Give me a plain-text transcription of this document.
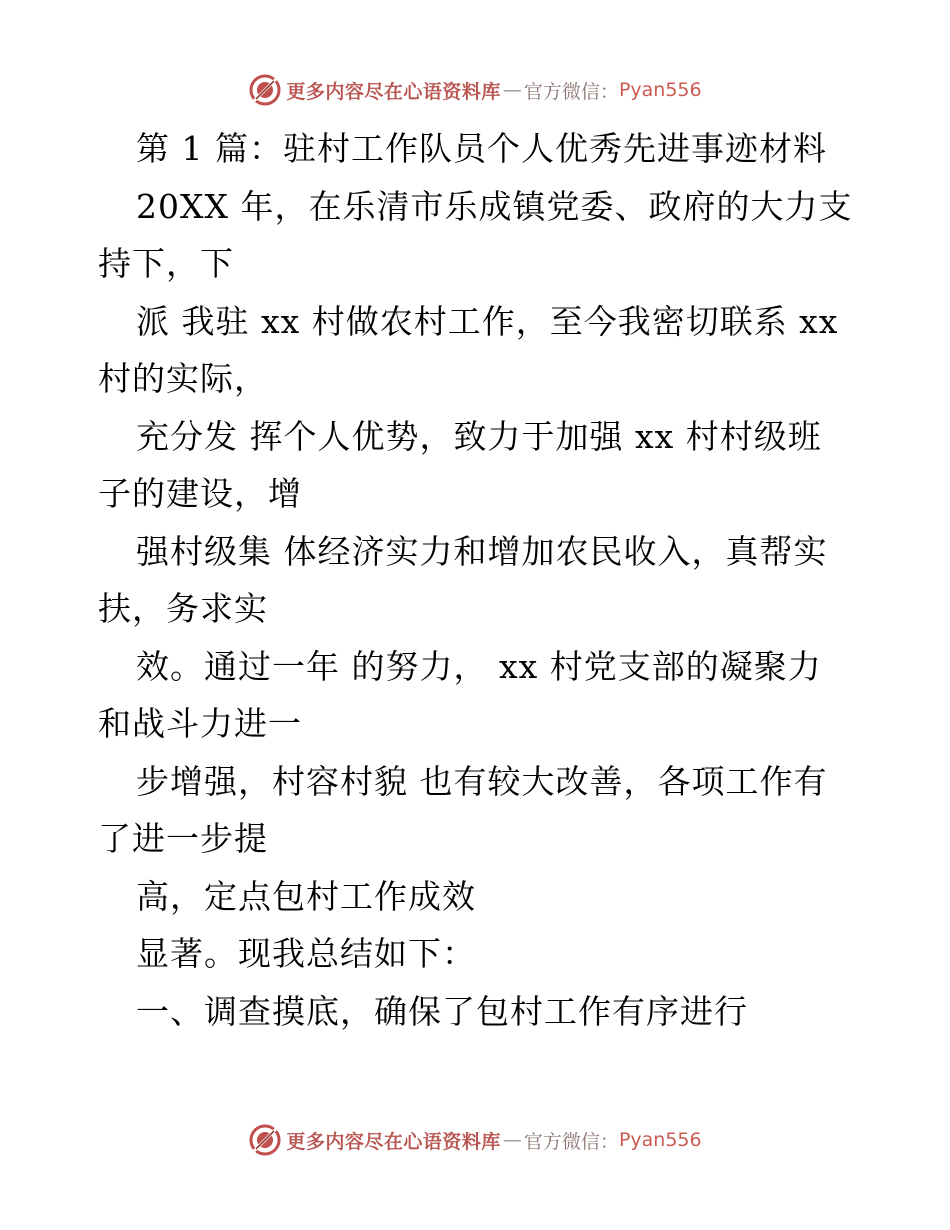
更多内容尽在心语资料库 — 官方微信： Pyan556
第 1 篇：驻村工作队员个人优秀先进事迹材料
20XX 年，在乐清市乐成镇党委、政府的大力支
持下，下
派 我驻 xx 村做农村工作，至今我密切联系 xx
村的实际，
充分发 挥个人优势，致力于加强 xx 村村级班
子的建设，增
强村级集 体经济实力和增加农民收入，真帮实
扶，务求实
效。通过一年 的努力， xx 村党支部的凝聚力
和战斗力进一
步增强，村容村貌 也有较大改善，各项工作有
了进一步提
高，定点包村工作成效
显著。现我总结如下：
一、调查摸底，确保了包村工作有序进行
更多内容尽在心语资料库 — 官方微信： Pyan556
